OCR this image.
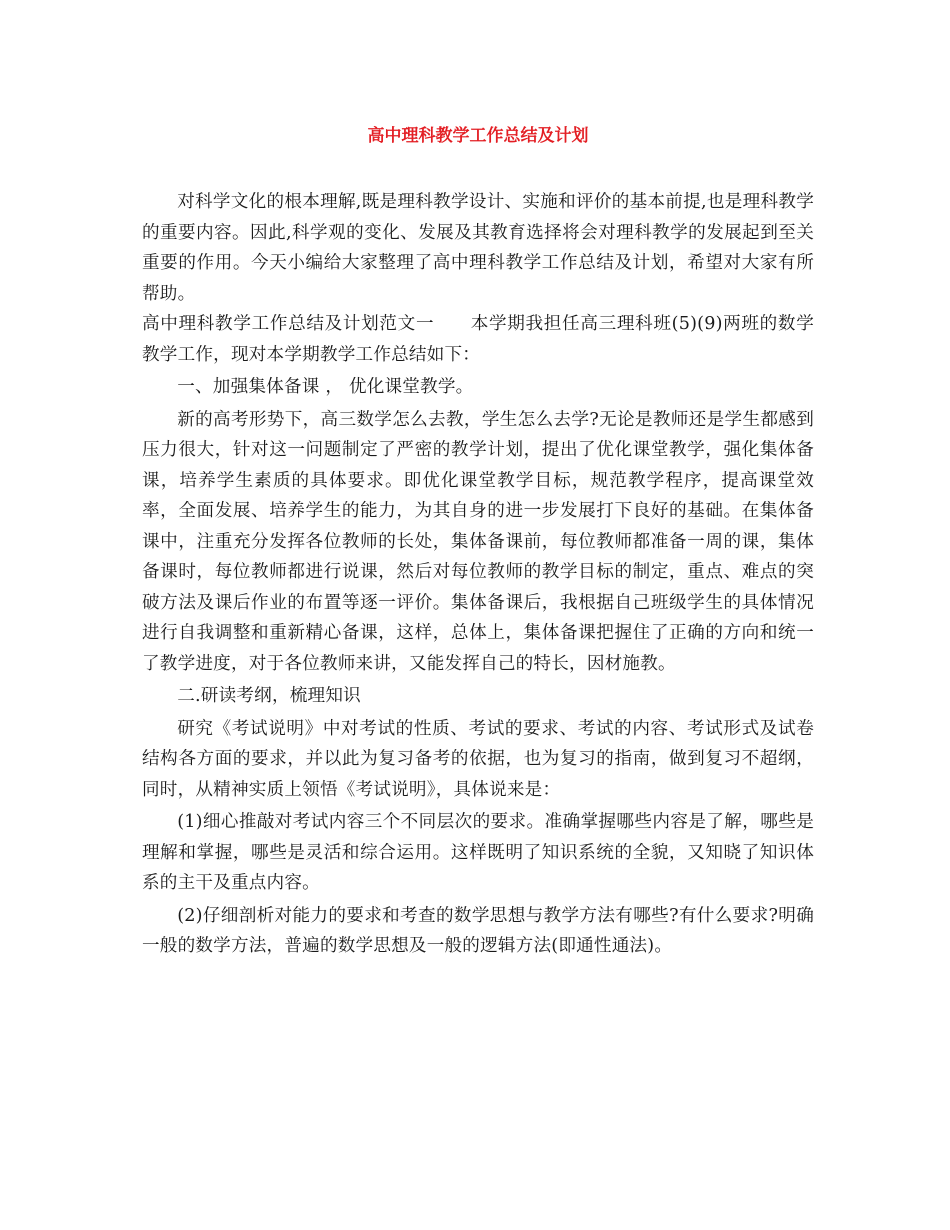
高中理科教学工作总结及计划

对科学文化的根本理解,既是理科教学设计、实施和评价的基本前提,也是理科教学的重要内容。因此,科学观的变化、发展及其教育选择将会对理科教学的发展起到至关重要的作用。今天小编给大家整理了高中理科教学工作总结及计划，希望对大家有所帮助。

高中理科教学工作总结及计划范文一　　本学期我担任高三理科班(5)(9)两班的数学教学工作，现对本学期教学工作总结如下：

一、加强集体备课 ， 优化课堂教学。

新的高考形势下，高三数学怎么去教，学生怎么去学?无论是教师还是学生都感到压力很大，针对这一问题制定了严密的教学计划，提出了优化课堂教学，强化集体备课，培养学生素质的具体要求。即优化课堂教学目标，规范教学程序，提高课堂效率，全面发展、培养学生的能力，为其自身的进一步发展打下良好的基础。在集体备课中，注重充分发挥各位教师的长处，集体备课前，每位教师都准备一周的课，集体备课时，每位教师都进行说课，然后对每位教师的教学目标的制定，重点、难点的突破方法及课后作业的布置等逐一评价。集体备课后，我根据自己班级学生的具体情况进行自我调整和重新精心备课，这样，总体上，集体备课把握住了正确的方向和统一了教学进度，对于各位教师来讲，又能发挥自己的特长，因材施教。

二.研读考纲，梳理知识

研究《考试说明》中对考试的性质、考试的要求、考试的内容、考试形式及试卷结构各方面的要求，并以此为复习备考的依据，也为复习的指南，做到复习不超纲，同时，从精神实质上领悟《考试说明》，具体说来是：

(1)细心推敲对考试内容三个不同层次的要求。准确掌握哪些内容是了解，哪些是理解和掌握，哪些是灵活和综合运用。这样既明了知识系统的全貌，又知晓了知识体系的主干及重点内容。

(2)仔细剖析对能力的要求和考查的数学思想与教学方法有哪些?有什么要求?明确一般的数学方法，普遍的数学思想及一般的逻辑方法(即通性通法)。
